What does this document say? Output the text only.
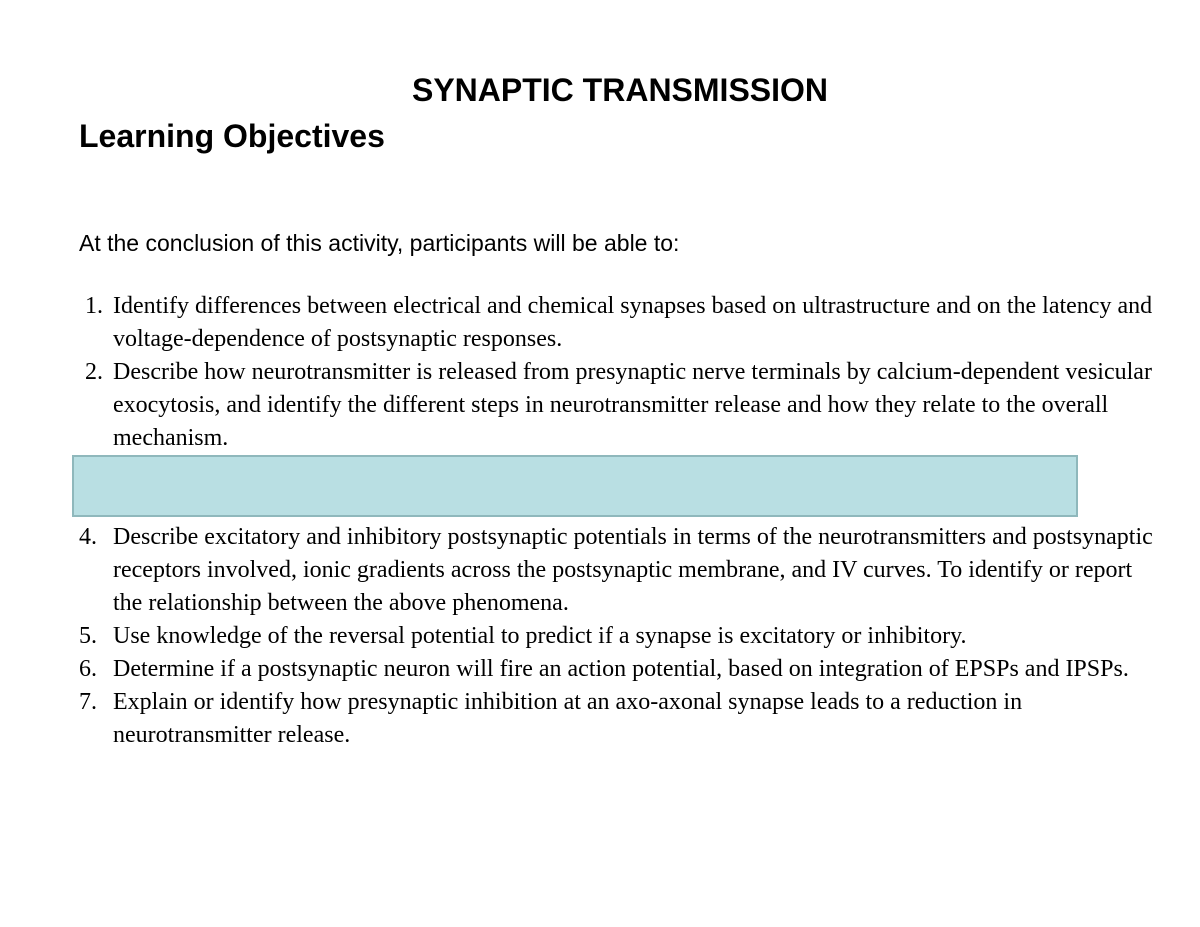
SYNAPTIC TRANSMISSION
Learning Objectives

At the conclusion of this activity, participants will be able to:

1. Identify differences between electrical and chemical synapses based on ultrastructure and on the latency and voltage-dependence of postsynaptic responses.
2. Describe how neurotransmitter is released from presynaptic nerve terminals by calcium-dependent vesicular exocytosis, and identify the different steps in neurotransmitter release and how they relate to the overall mechanism.
4. Describe excitatory and inhibitory postsynaptic potentials in terms of the neurotransmitters and postsynaptic receptors involved, ionic gradients across the postsynaptic membrane, and IV curves. To identify or report the relationship between the above phenomena.
5. Use knowledge of the reversal potential to predict if a synapse is excitatory or inhibitory.
6. Determine if a postsynaptic neuron will fire an action potential, based on integration of EPSPs and IPSPs.
7. Explain or identify how presynaptic inhibition at an axo-axonal synapse leads to a reduction in neurotransmitter release.
